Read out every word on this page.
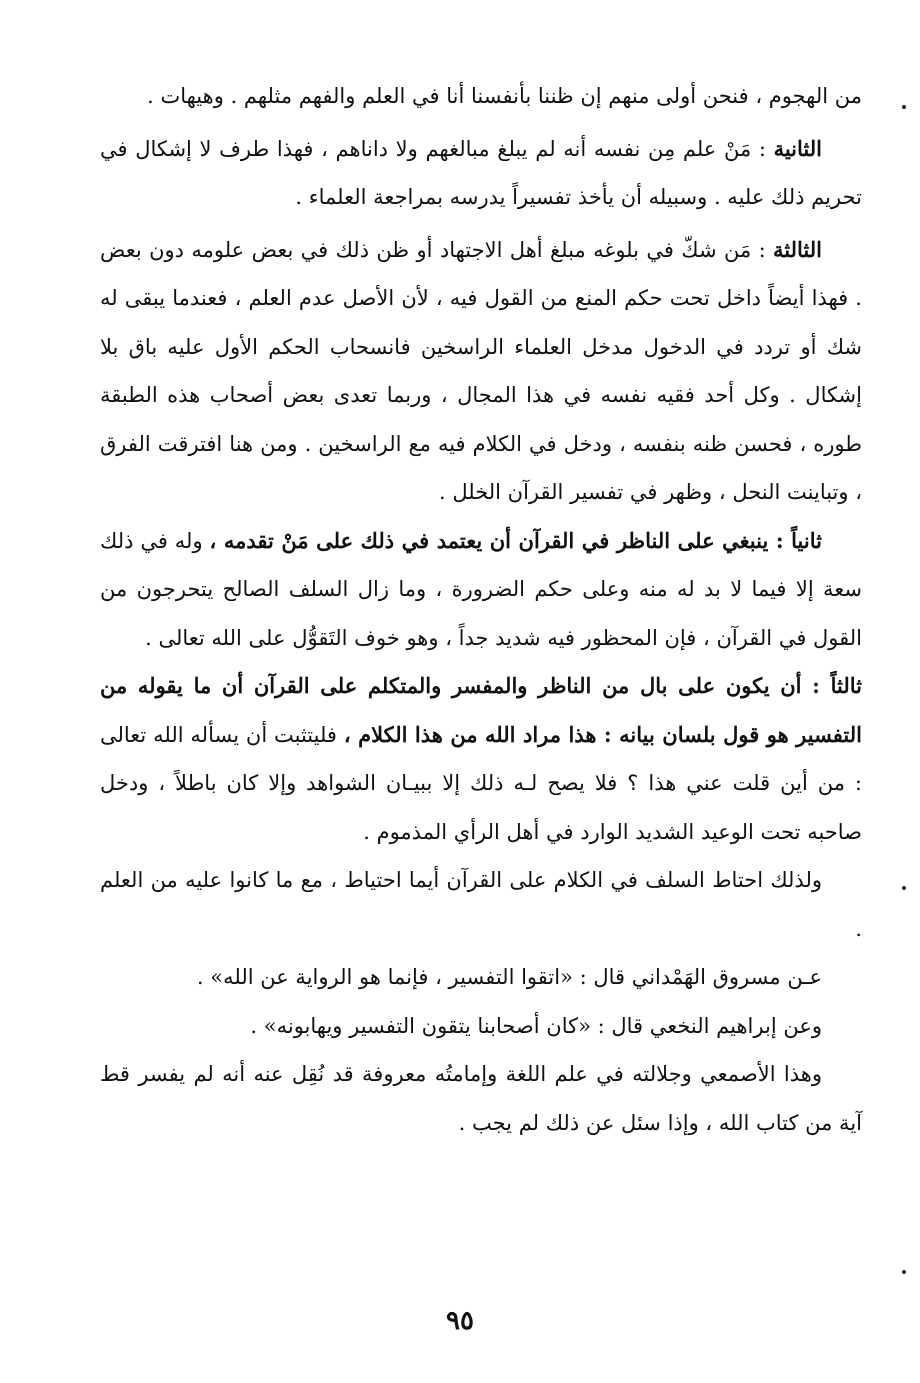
من الهجوم ، فنحن أولى منهم إن ظننا بأنفسنا أنا في العلم والفهم مثلهم . وهيهات .

الثانية : مَنْ علم مِن نفسه أنه لم يبلغ مبالغهم ولا داناهم ، فهذا طرف لا إشكال في تحريم ذلك عليه . وسبيله أن يأخذ تفسيراً يدرسه بمراجعة العلماء .

الثالثة : مَن شكّ في بلوغه مبلغ أهل الاجتهاد أو ظن ذلك في بعض علومه دون بعض . فهذا أيضاً داخل تحت حكم المنع من القول فيه ، لأن الأصل عدم العلم ، فعندما يبقى له شك أو تردد في الدخول مدخل العلماء الراسخين فانسحاب الحكم الأول عليه باق بلا إشكال . وكل أحد فقيه نفسه في هذا المجال ، وربما تعدى بعض أصحاب هذه الطبقة طوره ، فحسن ظنه بنفسه ، ودخل في الكلام فيه مع الراسخين . ومن هنا افترقت الفرق ، وتباينت النحل ، وظهر في تفسير القرآن الخلل .

ثانياً : ينبغي على الناظر في القرآن أن يعتمد في ذلك على مَنْ تقدمه ، وله في ذلك سعة إلا فيما لا بد له منه وعلى حكم الضرورة ، وما زال السلف الصالح يتحرجون من القول في القرآن ، فإن المحظور فيه شديد جداً ، وهو خوف التَقوُّل على الله تعالى .

ثالثاً : أن يكون على بال من الناظر والمفسر والمتكلم على القرآن أن ما يقوله من التفسير هو قول بلسان بيانه : هذا مراد الله من هذا الكلام ، فليتثبت أن يسأله الله تعالى : من أين قلت عني هذا ؟ فلا يصح لـه ذلك إلا ببيـان الشواهد وإلا كان باطلاً ، ودخل صاحبه تحت الوعيد الشديد الوارد في أهل الرأي المذموم .

ولذلك احتاط السلف في الكلام على القرآن أيما احتياط ، مع ما كانوا عليه من العلم .

عـن مسروق الهَمْداني قال : «اتقوا التفسير ، فإنما هو الرواية عن الله» .

وعن إبراهيم النخعي قال : «كان أصحابنا يتقون التفسير ويهابونه» .

وهذا الأصمعي وجلالته في علم اللغة وإمامتُه معروفة قد نُقِل عنه أنه لم يفسر قط آية من كتاب الله ، وإذا سئل عن ذلك لم يجب .

٩٥
